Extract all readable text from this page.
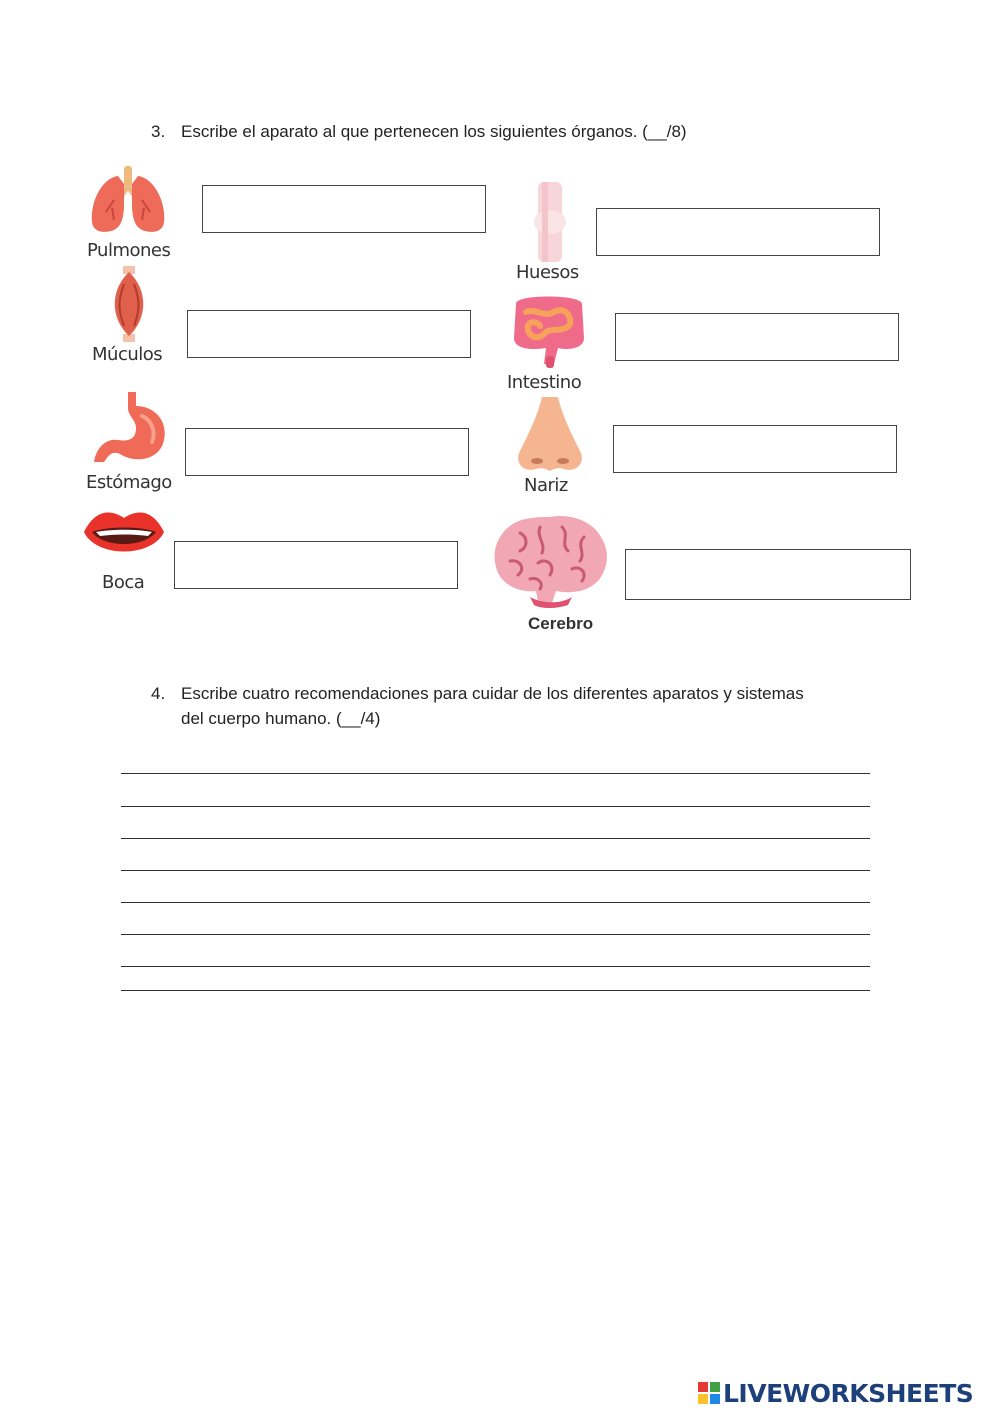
3. Escribe el aparato al que pertenecen los siguientes órganos. (__/8)
Pulmones
Huesos
Múculos
Intestino
Estómago	Nariz
Boca
Cerebro
4. Escribe cuatro recomendaciones para cuidar de los diferentes aparatos y sistemas
del cuerpo humano. (__/4)
LIVEWORKSHEETS
